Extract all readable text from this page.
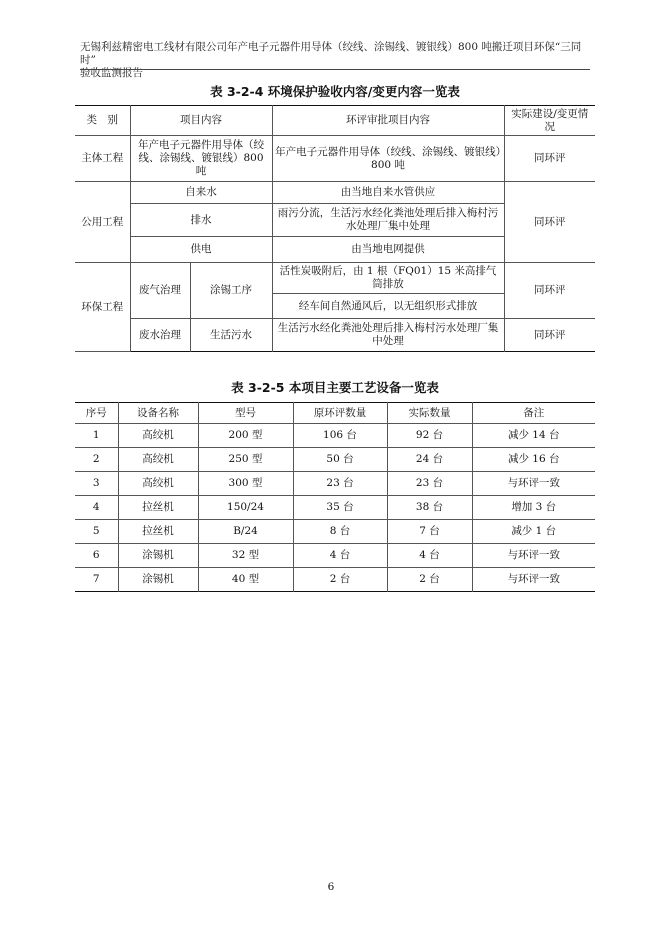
无锡利兹精密电工线材有限公司年产电子元器件用导体（绞线、涂锡线、镀银线）800 吨搬迁项目环保“三同时”
验收监测报告
表 3-2-4 环境保护验收内容/变更内容一览表
类　别	项目内容		环评审批项目内容	实际建设/变更情况
主体工程	年产电子元器件用导体（绞线、涂锡线、镀银线）800 吨		年产电子元器件用导体（绞线、涂锡线、镀银线）800 吨	同环评
公用工程	自来水		由当地自来水管供应	同环评
	排水		雨污分流，生活污水经化粪池处理后排入梅村污水处理厂集中处理	
	供电		由当地电网提供	
环保工程	废气治理	涂锡工序	活性炭吸附后，由 1 根（FQ01）15 米高排气筒排放	同环评
			经车间自然通风后，以无组织形式排放	
	废水治理	生活污水	生活污水经化粪池处理后排入梅村污水处理厂集中处理	同环评
表 3-2-5 本项目主要工艺设备一览表
序号	设备名称	型号	原环评数量	实际数量	备注
1	高绞机	200 型	106 台	92 台	减少 14 台
2	高绞机	250 型	50 台	24 台	减少 16 台
3	高绞机	300 型	23 台	23 台	与环评一致
4	拉丝机	150/24	35 台	38 台	增加 3 台
5	拉丝机	B/24	8 台	7 台	减少 1 台
6	涂锡机	32 型	4 台	4 台	与环评一致
7	涂锡机	40 型	2 台	2 台	与环评一致
6
